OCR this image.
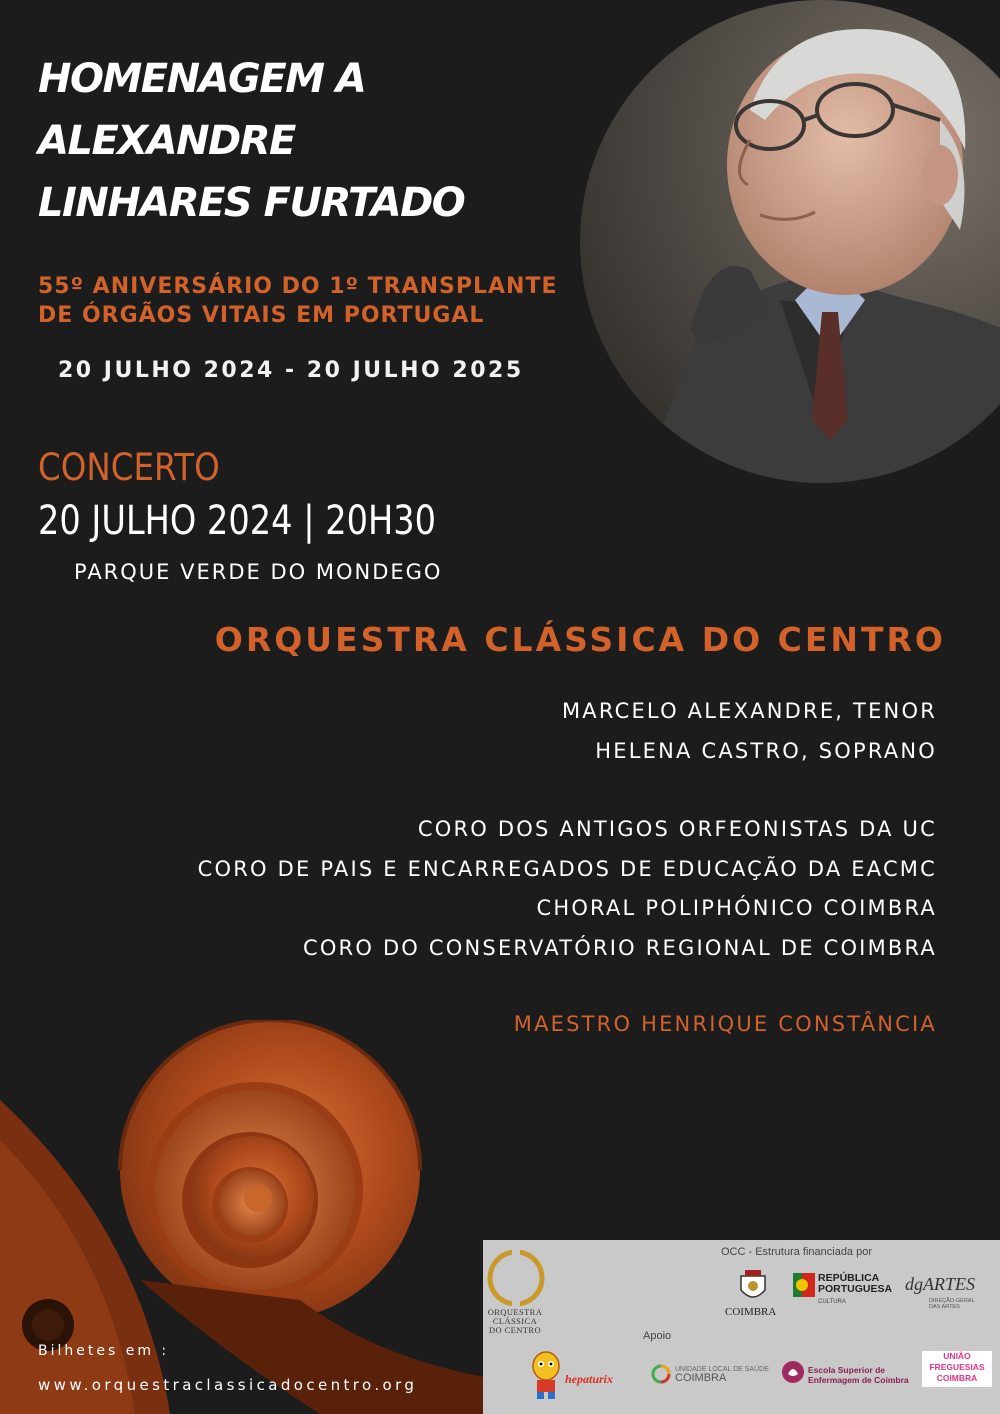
HOMENAGEM A
ALEXANDRE
LINHARES FURTADO
55º ANIVERSÁRIO DO 1º TRANSPLANTE
DE ÓRGÃOS VITAIS EM PORTUGAL
20 JULHO 2024 - 20 JULHO 2025
CONCERTO
20 JULHO 2024 | 20H30
PARQUE VERDE DO MONDEGO
ORQUESTRA CLÁSSICA DO CENTRO
MARCELO ALEXANDRE, TENOR
HELENA CASTRO, SOPRANO
CORO DOS ANTIGOS ORFEONISTAS DA UC
CORO DE PAIS E ENCARREGADOS DE EDUCAÇÃO DA EACMC
CHORAL POLIPHÓNICO COIMBRA
CORO DO CONSERVATÓRIO REGIONAL DE COIMBRA
MAESTRO HENRIQUE CONSTÂNCIA
Bilhetes em :
www.orquestraclassicadocentro.org
OCC - Estrutura financiada por
Apoio
ORQUESTRA
CLÁSSICA
DO CENTRO
COIMBRA
REPÚBLICA
PORTUGUESA
CULTURA
dgARTES
DIREÇÃO-GERAL
DAS ARTES
hepaturix
UNIDADE LOCAL DE SAÚDE
COIMBRA
Escola Superior de
Enfermagem de Coimbra
UNIÃO
FREGUESIAS
COIMBRA
